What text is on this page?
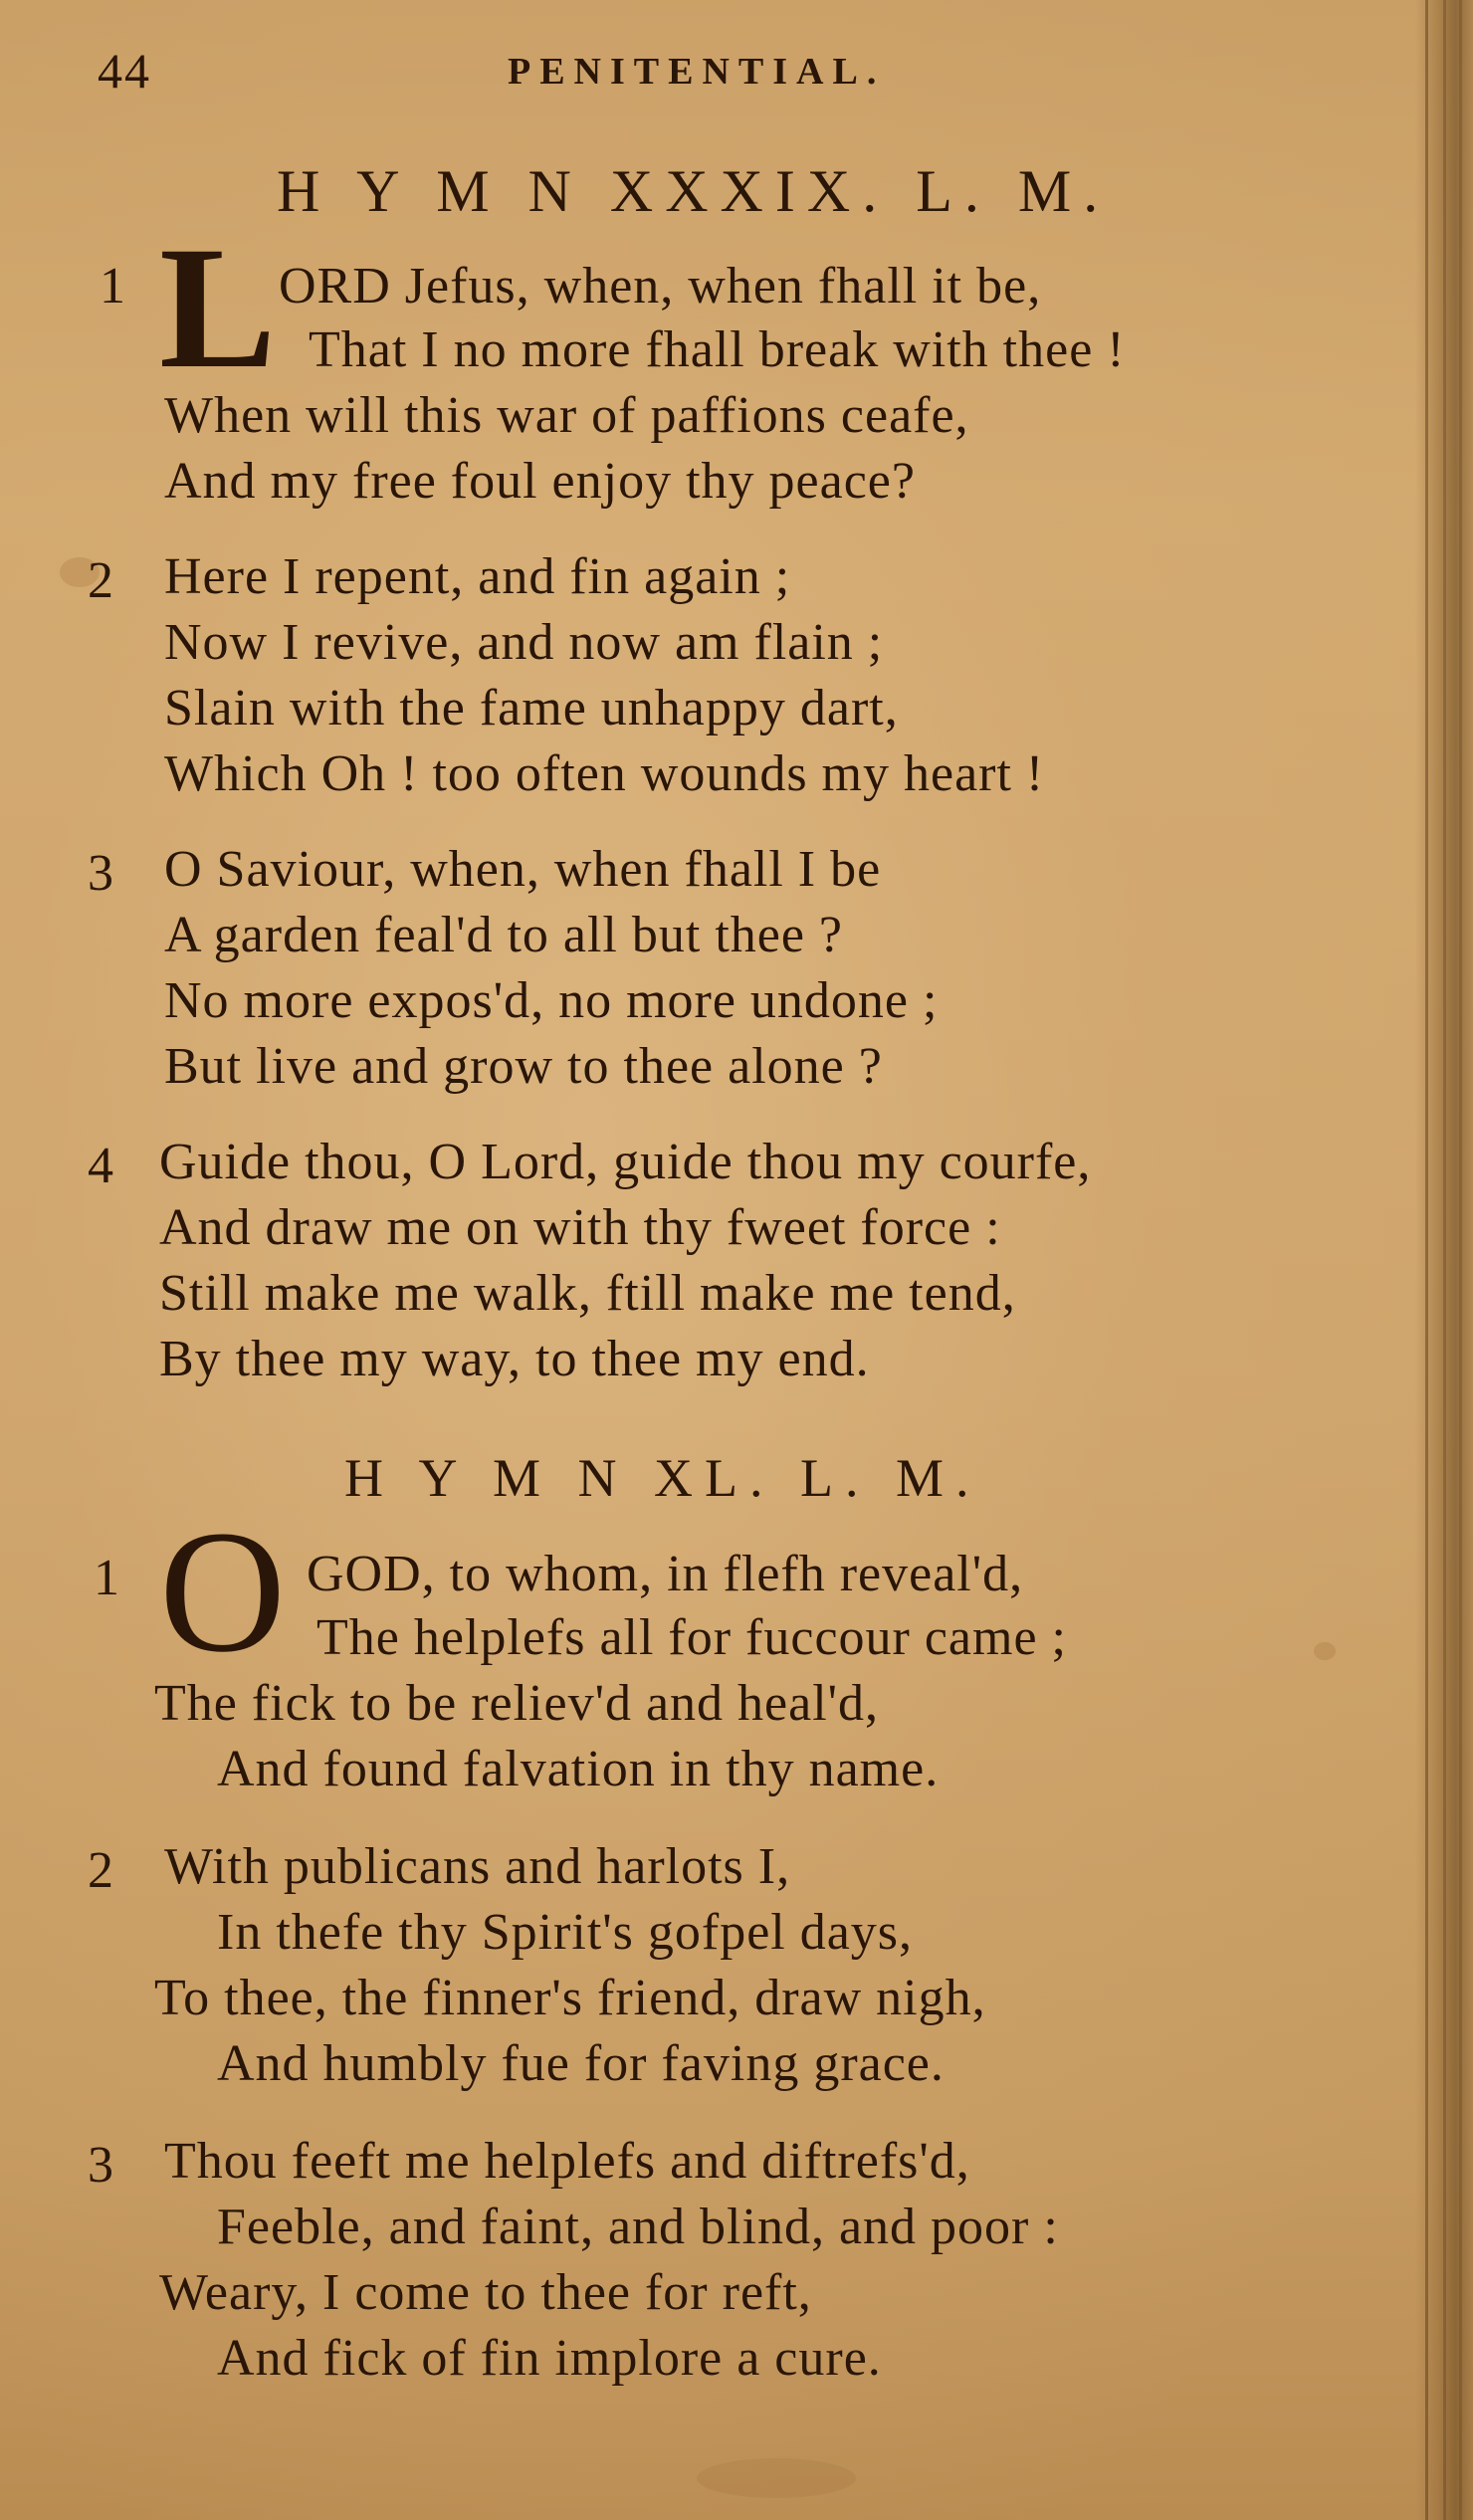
44	PENITENTIAL.
H Y M N XXXIX. L. M.
1 L ORD Jefus, when, when fhall it be,
That I no more fhall break with thee !
When will this war of paffions ceafe,
And my free foul enjoy thy peace?
2 Here I repent, and fin again ;
Now I revive, and now am flain ;
Slain with the fame unhappy dart,
Which Oh ! too often wounds my heart !
3 O Saviour, when, when fhall I be
A garden feal'd to all but thee ?
No more expos'd, no more undone ;
But live and grow to thee alone ?
4 Guide thou, O Lord, guide thou my courfe,
And draw me on with thy fweet force :
Still make me walk, ftill make me tend,
By thee my way, to thee my end.
H Y M N XL. L. M.
1 O GOD, to whom, in flefh reveal'd,
The helplefs all for fuccour came ;
The fick to be reliev'd and heal'd,
And found falvation in thy name.
2 With publicans and harlots I,
In thefe thy Spirit's gofpel days,
To thee, the finner's friend, draw nigh,
And humbly fue for faving grace.
3 Thou feeft me helplefs and diftrefs'd,
Feeble, and faint, and blind, and poor :
Weary, I come to thee for reft,
And fick of fin implore a cure.
